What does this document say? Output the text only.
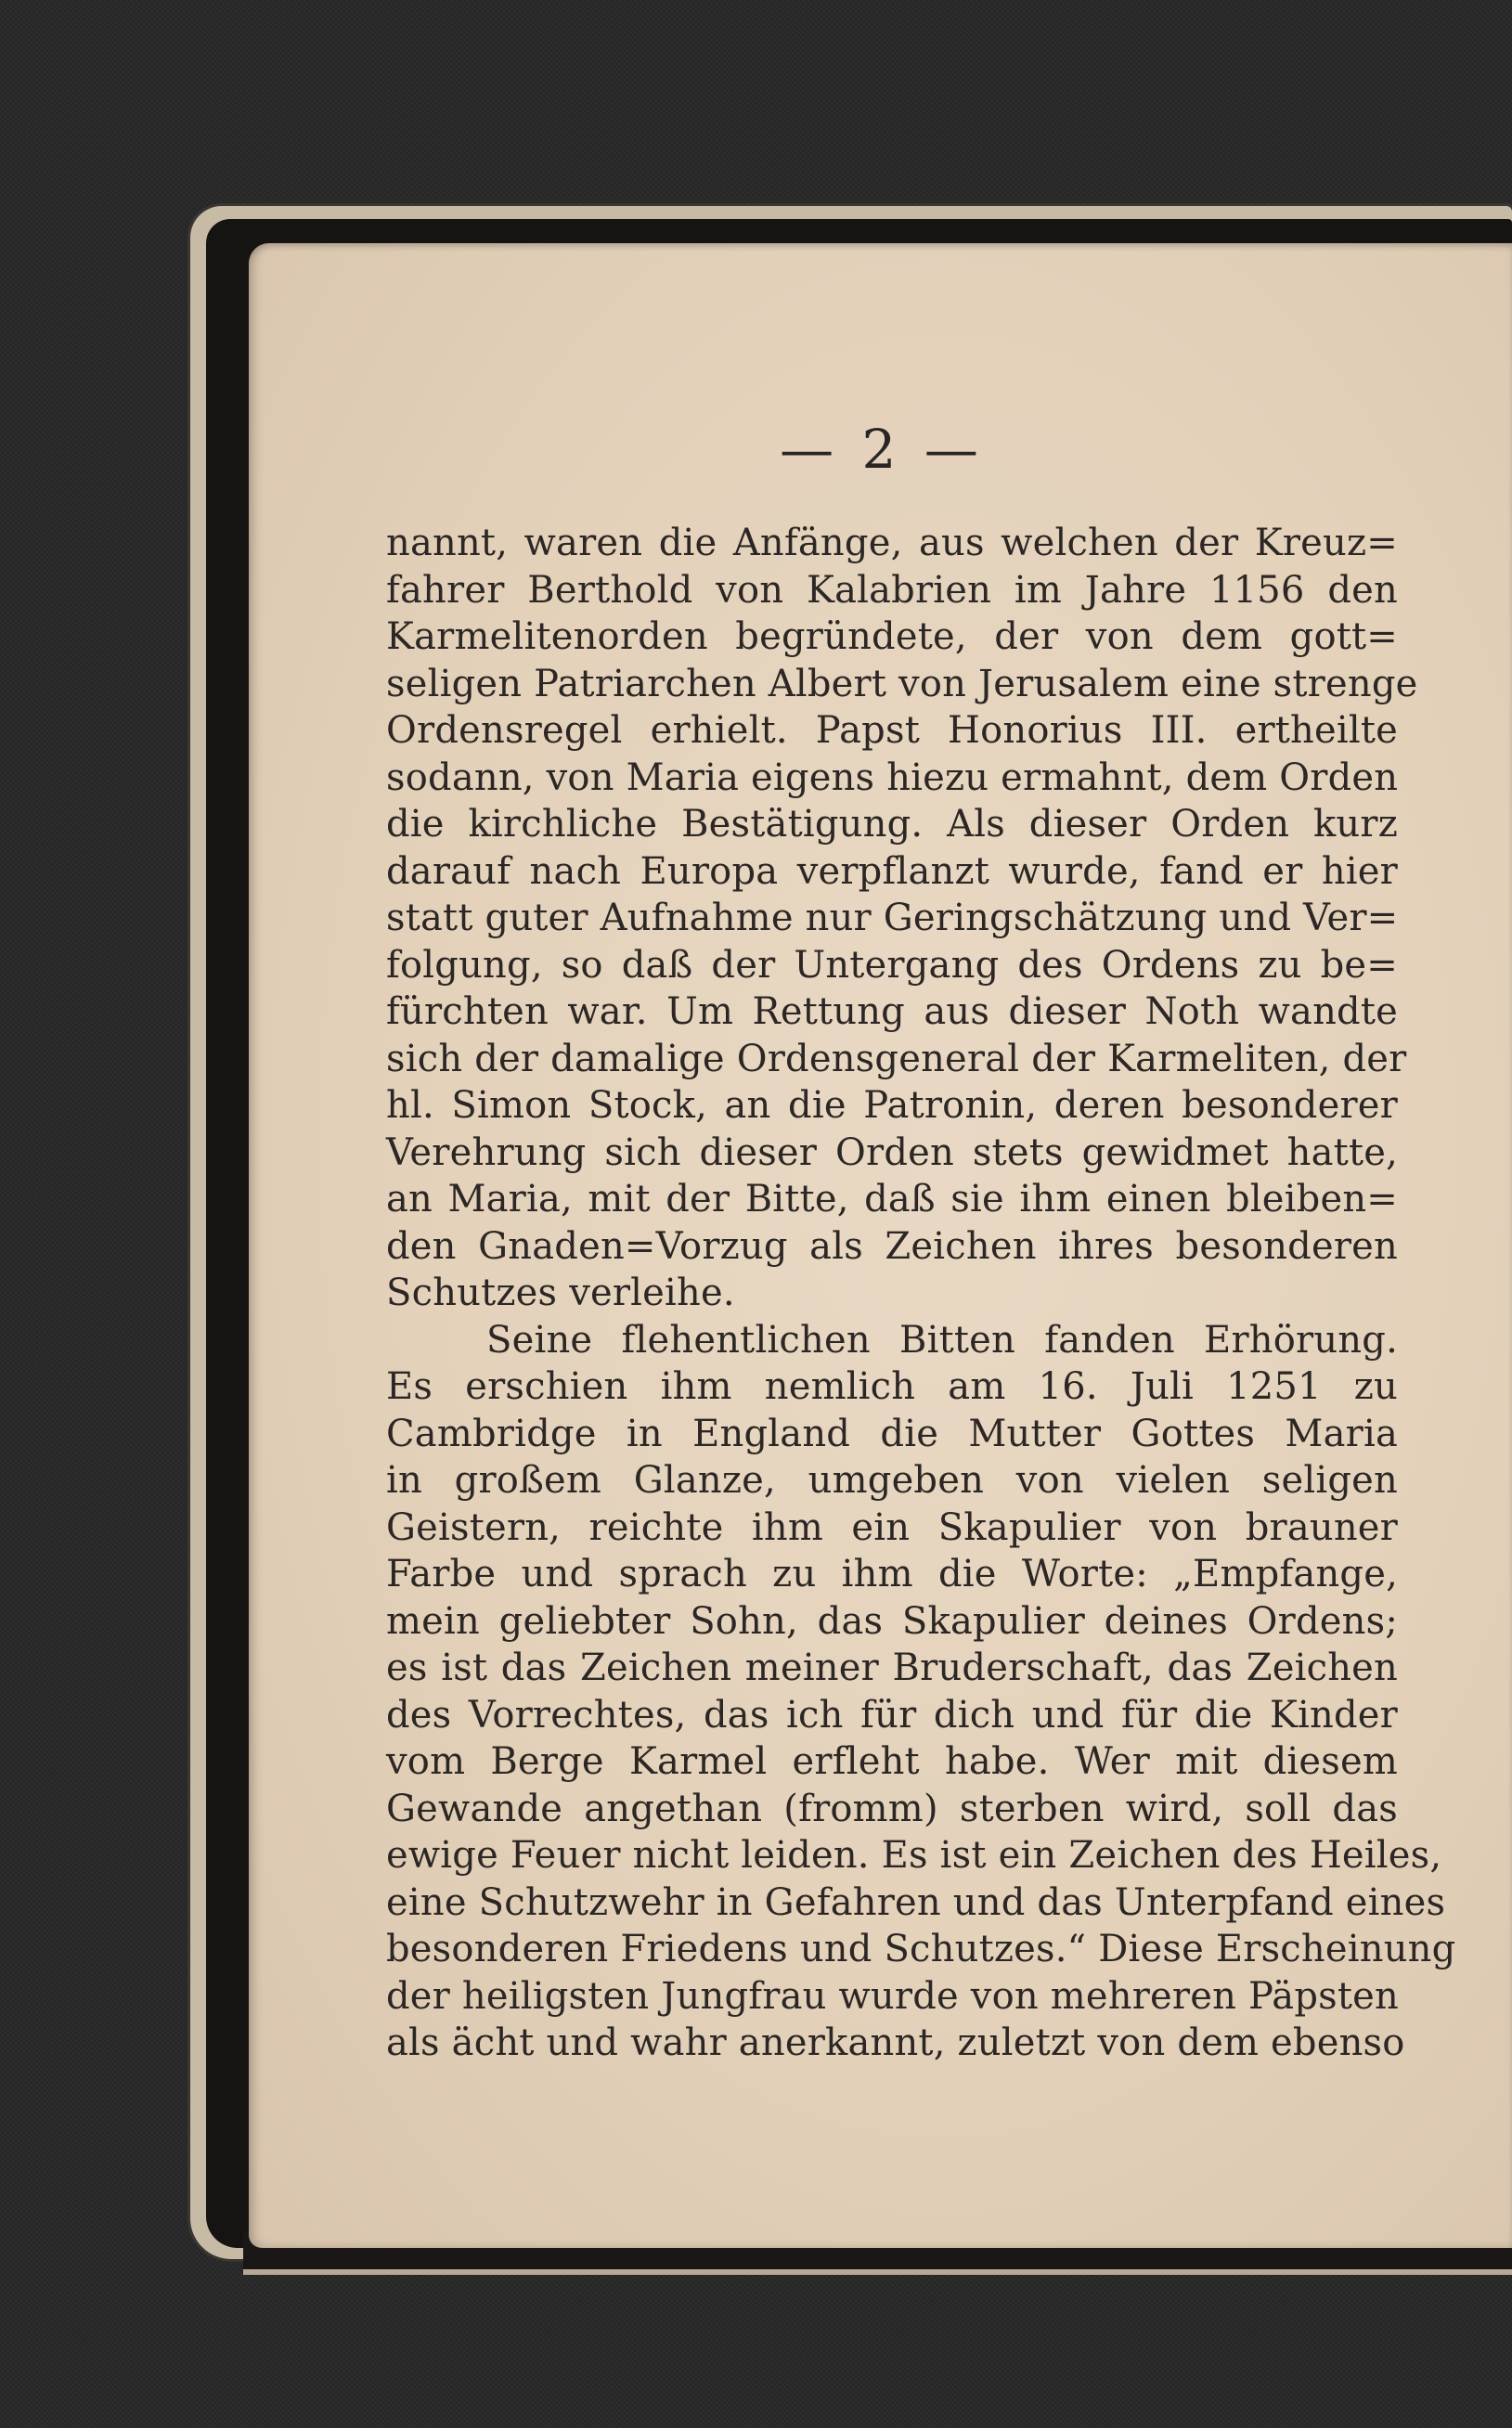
— 2 —
nannt, waren die Anfänge, aus welchen der Kreuz=
fahrer Berthold von Kalabrien im Jahre 1156 den
Karmelitenorden begründete, der von dem gott=
seligen Patriarchen Albert von Jerusalem eine strenge
Ordensregel erhielt. Papst Honorius III. ertheilte
sodann, von Maria eigens hiezu ermahnt, dem Orden
die kirchliche Bestätigung. Als dieser Orden kurz
darauf nach Europa verpflanzt wurde, fand er hier
statt guter Aufnahme nur Geringschätzung und Ver=
folgung, so daß der Untergang des Ordens zu be=
fürchten war. Um Rettung aus dieser Noth wandte
sich der damalige Ordensgeneral der Karmeliten, der
hl. Simon Stock, an die Patronin, deren besonderer
Verehrung sich dieser Orden stets gewidmet hatte,
an Maria, mit der Bitte, daß sie ihm einen bleiben=
den Gnaden=Vorzug als Zeichen ihres besonderen
Schutzes verleihe.
Seine flehentlichen Bitten fanden Erhörung.
Es erschien ihm nemlich am 16. Juli 1251 zu
Cambridge in England die Mutter Gottes Maria
in großem Glanze, umgeben von vielen seligen
Geistern, reichte ihm ein Skapulier von brauner
Farbe und sprach zu ihm die Worte: „Empfange,
mein geliebter Sohn, das Skapulier deines Ordens;
es ist das Zeichen meiner Bruderschaft, das Zeichen
des Vorrechtes, das ich für dich und für die Kinder
vom Berge Karmel erfleht habe. Wer mit diesem
Gewande angethan (fromm) sterben wird, soll das
ewige Feuer nicht leiden. Es ist ein Zeichen des Heiles,
eine Schutzwehr in Gefahren und das Unterpfand eines
besonderen Friedens und Schutzes.“ Diese Erscheinung
der heiligsten Jungfrau wurde von mehreren Päpsten
als ächt und wahr anerkannt, zuletzt von dem ebenso
